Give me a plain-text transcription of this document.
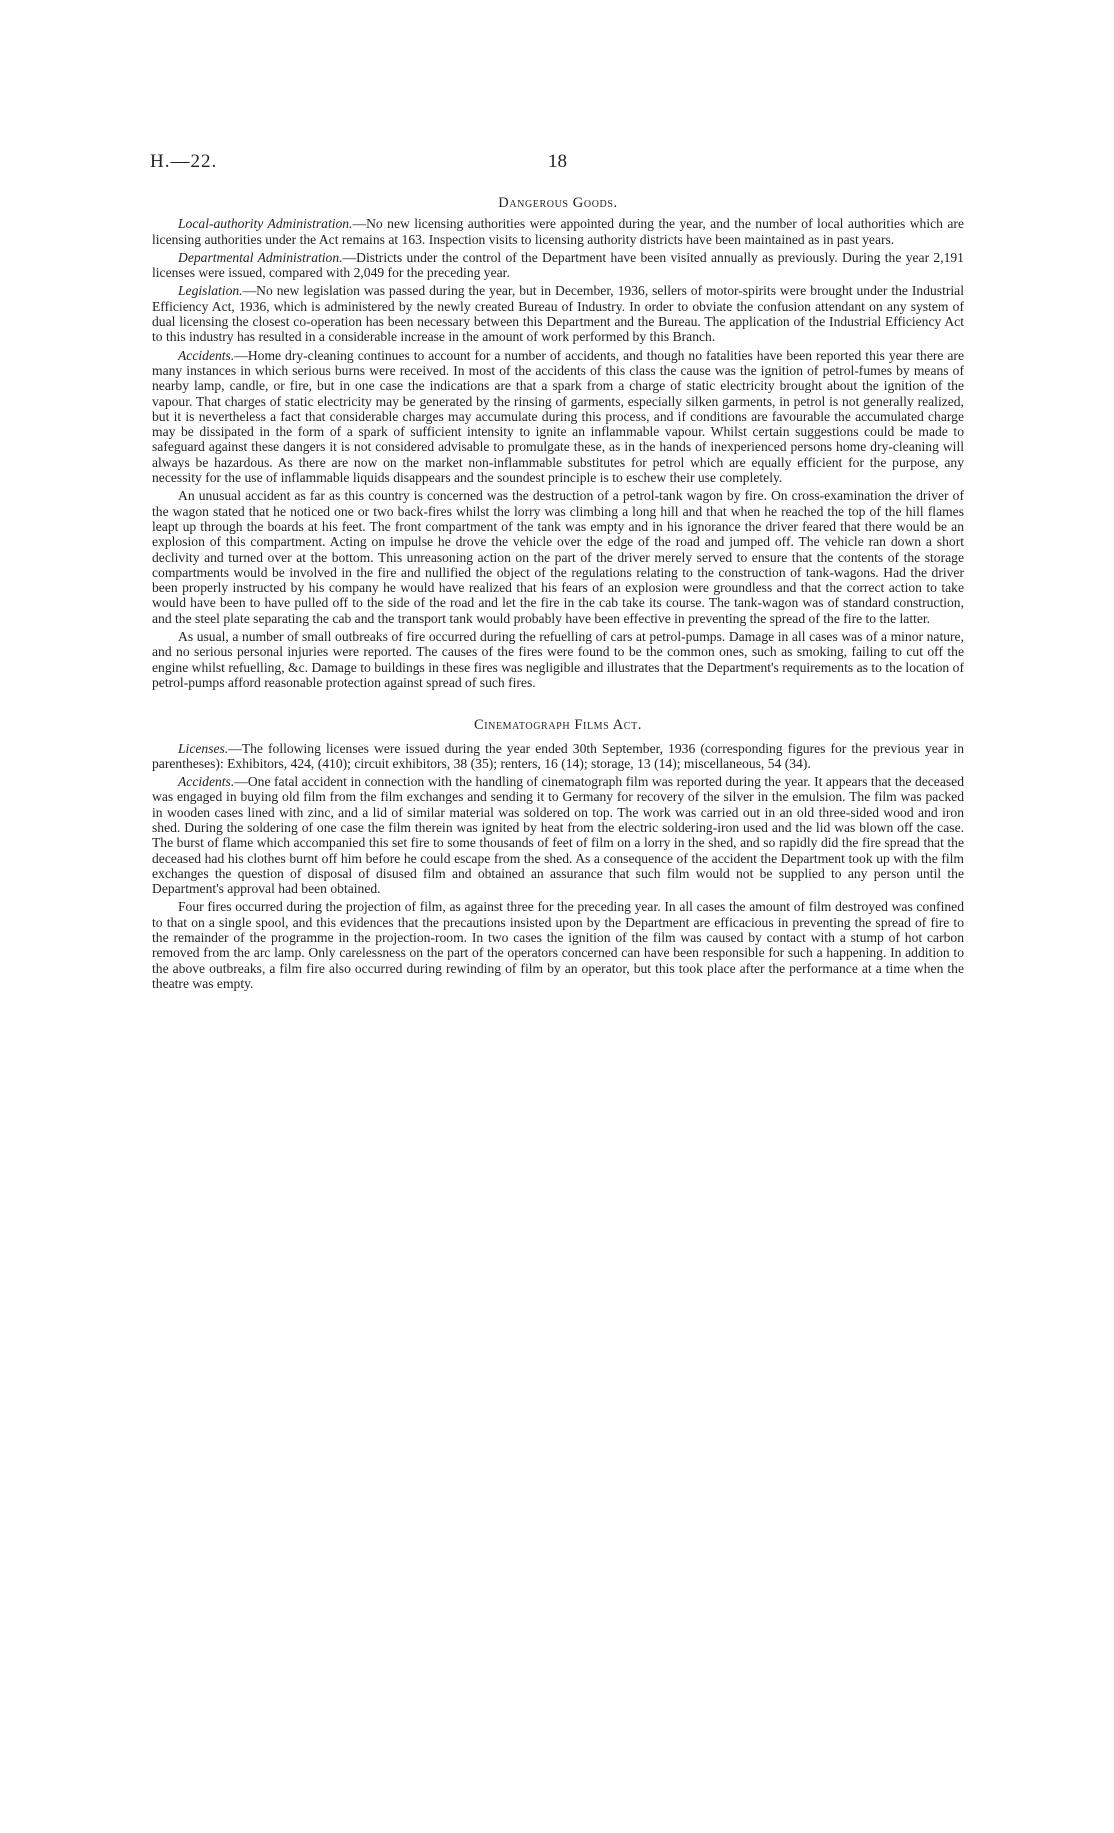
H.—22.	18
Dangerous Goods.

Local-authority Administration.—No new licensing authorities were appointed during the year, and the number of local authorities which are licensing authorities under the Act remains at 163. Inspection visits to licensing authority districts have been maintained as in past years.

Departmental Administration.—Districts under the control of the Department have been visited annually as previously. During the year 2,191 licenses were issued, compared with 2,049 for the preceding year.

Legislation.—No new legislation was passed during the year, but in December, 1936, sellers of motor-spirits were brought under the Industrial Efficiency Act, 1936, which is administered by the newly created Bureau of Industry. In order to obviate the confusion attendant on any system of dual licensing the closest co-operation has been necessary between this Department and the Bureau. The application of the Industrial Efficiency Act to this industry has resulted in a considerable increase in the amount of work performed by this Branch.

Accidents.—Home dry-cleaning continues to account for a number of accidents, and though no fatalities have been reported this year there are many instances in which serious burns were received. In most of the accidents of this class the cause was the ignition of petrol-fumes by means of nearby lamp, candle, or fire, but in one case the indications are that a spark from a charge of static electricity brought about the ignition of the vapour. That charges of static electricity may be generated by the rinsing of garments, especially silken garments, in petrol is not generally realized, but it is nevertheless a fact that considerable charges may accumulate during this process, and if conditions are favourable the accumulated charge may be dissipated in the form of a spark of sufficient intensity to ignite an inflammable vapour. Whilst certain suggestions could be made to safeguard against these dangers it is not considered advisable to promulgate these, as in the hands of inexperienced persons home dry-cleaning will always be hazardous. As there are now on the market non-inflammable substitutes for petrol which are equally efficient for the purpose, any necessity for the use of inflammable liquids disappears and the soundest principle is to eschew their use completely.

An unusual accident as far as this country is concerned was the destruction of a petrol-tank wagon by fire. On cross-examination the driver of the wagon stated that he noticed one or two back-fires whilst the lorry was climbing a long hill and that when he reached the top of the hill flames leapt up through the boards at his feet. The front compartment of the tank was empty and in his ignorance the driver feared that there would be an explosion of this compartment. Acting on impulse he drove the vehicle over the edge of the road and jumped off. The vehicle ran down a short declivity and turned over at the bottom. This unreasoning action on the part of the driver merely served to ensure that the contents of the storage compartments would be involved in the fire and nullified the object of the regulations relating to the construction of tank-wagons. Had the driver been properly instructed by his company he would have realized that his fears of an explosion were groundless and that the correct action to take would have been to have pulled off to the side of the road and let the fire in the cab take its course. The tank-wagon was of standard construction, and the steel plate separating the cab and the transport tank would probably have been effective in preventing the spread of the fire to the latter.

As usual, a number of small outbreaks of fire occurred during the refuelling of cars at petrol-pumps. Damage in all cases was of a minor nature, and no serious personal injuries were reported. The causes of the fires were found to be the common ones, such as smoking, failing to cut off the engine whilst refuelling, &c. Damage to buildings in these fires was negligible and illustrates that the Department's requirements as to the location of petrol-pumps afford reasonable protection against spread of such fires.

Cinematograph Films Act.

Licenses.—The following licenses were issued during the year ended 30th September, 1936 (corresponding figures for the previous year in parentheses): Exhibitors, 424, (410); circuit exhibitors, 38 (35); renters, 16 (14); storage, 13 (14); miscellaneous, 54 (34).

Accidents.—One fatal accident in connection with the handling of cinematograph film was reported during the year. It appears that the deceased was engaged in buying old film from the film exchanges and sending it to Germany for recovery of the silver in the emulsion. The film was packed in wooden cases lined with zinc, and a lid of similar material was soldered on top. The work was carried out in an old three-sided wood and iron shed. During the soldering of one case the film therein was ignited by heat from the electric soldering-iron used and the lid was blown off the case. The burst of flame which accompanied this set fire to some thousands of feet of film on a lorry in the shed, and so rapidly did the fire spread that the deceased had his clothes burnt off him before he could escape from the shed. As a consequence of the accident the Department took up with the film exchanges the question of disposal of disused film and obtained an assurance that such film would not be supplied to any person until the Department's approval had been obtained.

Four fires occurred during the projection of film, as against three for the preceding year. In all cases the amount of film destroyed was confined to that on a single spool, and this evidences that the precautions insisted upon by the Department are efficacious in preventing the spread of fire to the remainder of the programme in the projection-room. In two cases the ignition of the film was caused by contact with a stump of hot carbon removed from the arc lamp. Only carelessness on the part of the operators concerned can have been responsible for such a happening. In addition to the above outbreaks, a film fire also occurred during rewinding of film by an operator, but this took place after the performance at a time when the theatre was empty.
